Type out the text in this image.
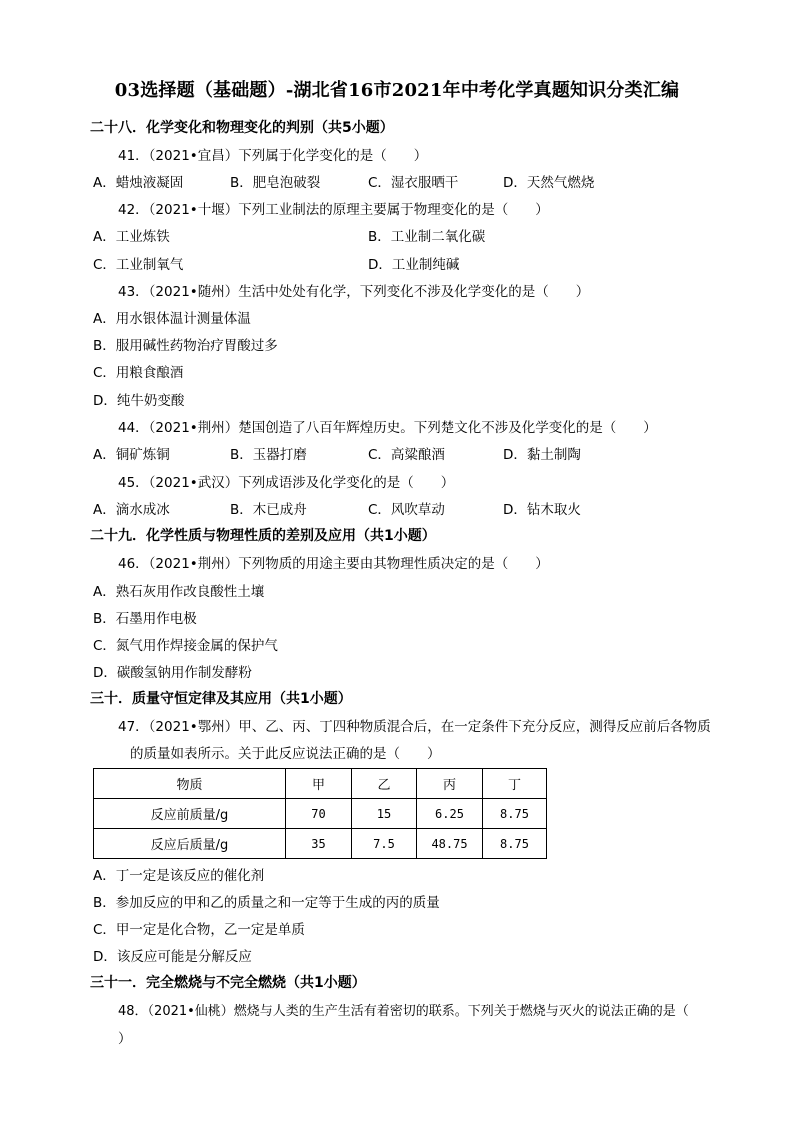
03选择题（基础题）-湖北省16市2021年中考化学真题知识分类汇编
二十八．化学变化和物理变化的判别（共5小题）
41．（2021•宜昌）下列属于化学变化的是（　　）
A．蜡烛液凝固	B．肥皂泡破裂	C．湿衣服晒干	D．天然气燃烧
42．（2021•十堰）下列工业制法的原理主要属于物理变化的是（　　）
A．工业炼铁	B．工业制二氧化碳
C．工业制氧气	D．工业制纯碱
43．（2021•随州）生活中处处有化学，下列变化不涉及化学变化的是（　　）
A．用水银体温计测量体温
B．服用碱性药物治疗胃酸过多
C．用粮食酿酒
D．纯牛奶变酸
44．（2021•荆州）楚国创造了八百年辉煌历史。下列楚文化不涉及化学变化的是（　　）
A．铜矿炼铜	B．玉器打磨	C．高粱酿酒	D．黏土制陶
45．（2021•武汉）下列成语涉及化学变化的是（　　）
A．滴水成冰	B．木已成舟	C．风吹草动	D．钻木取火
二十九．化学性质与物理性质的差别及应用（共1小题）
46．（2021•荆州）下列物质的用途主要由其物理性质决定的是（　　）
A．熟石灰用作改良酸性土壤
B．石墨用作电极
C．氮气用作焊接金属的保护气
D．碳酸氢钠用作制发酵粉
三十．质量守恒定律及其应用（共1小题）
47．（2021•鄂州）甲、乙、丙、丁四种物质混合后，在一定条件下充分反应，测得反应前后各物质
的质量如表所示。关于此反应说法正确的是（　　）
物质	甲	乙	丙	丁
反应前质量/g	70	15	6.25	8.75
反应后质量/g	35	7.5	48.75	8.75
A．丁一定是该反应的催化剂
B．参加反应的甲和乙的质量之和一定等于生成的丙的质量
C．甲一定是化合物，乙一定是单质
D．该反应可能是分解反应
三十一．完全燃烧与不完全燃烧（共1小题）
48．（2021•仙桃）燃烧与人类的生产生活有着密切的联系。下列关于燃烧与灭火的说法正确的是（
）
